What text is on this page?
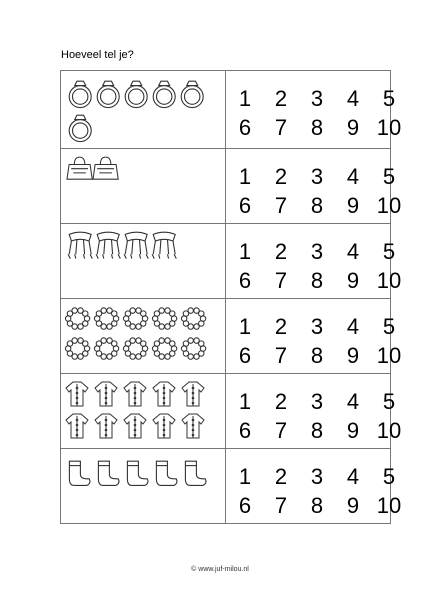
Hoeveel tel je?
1	2	3	4	5
6	7	8	9 10
1	2	3	4	5
6	7	8	9 10
1	2	3	4	5
6	7	8	9 10
1	2	3	4	5
6	7	8	9 10
1	2	3	4	5
6	7	8	9 10
1	2	3	4	5
6	7	8	9 10
© www.juf-milou.nl
